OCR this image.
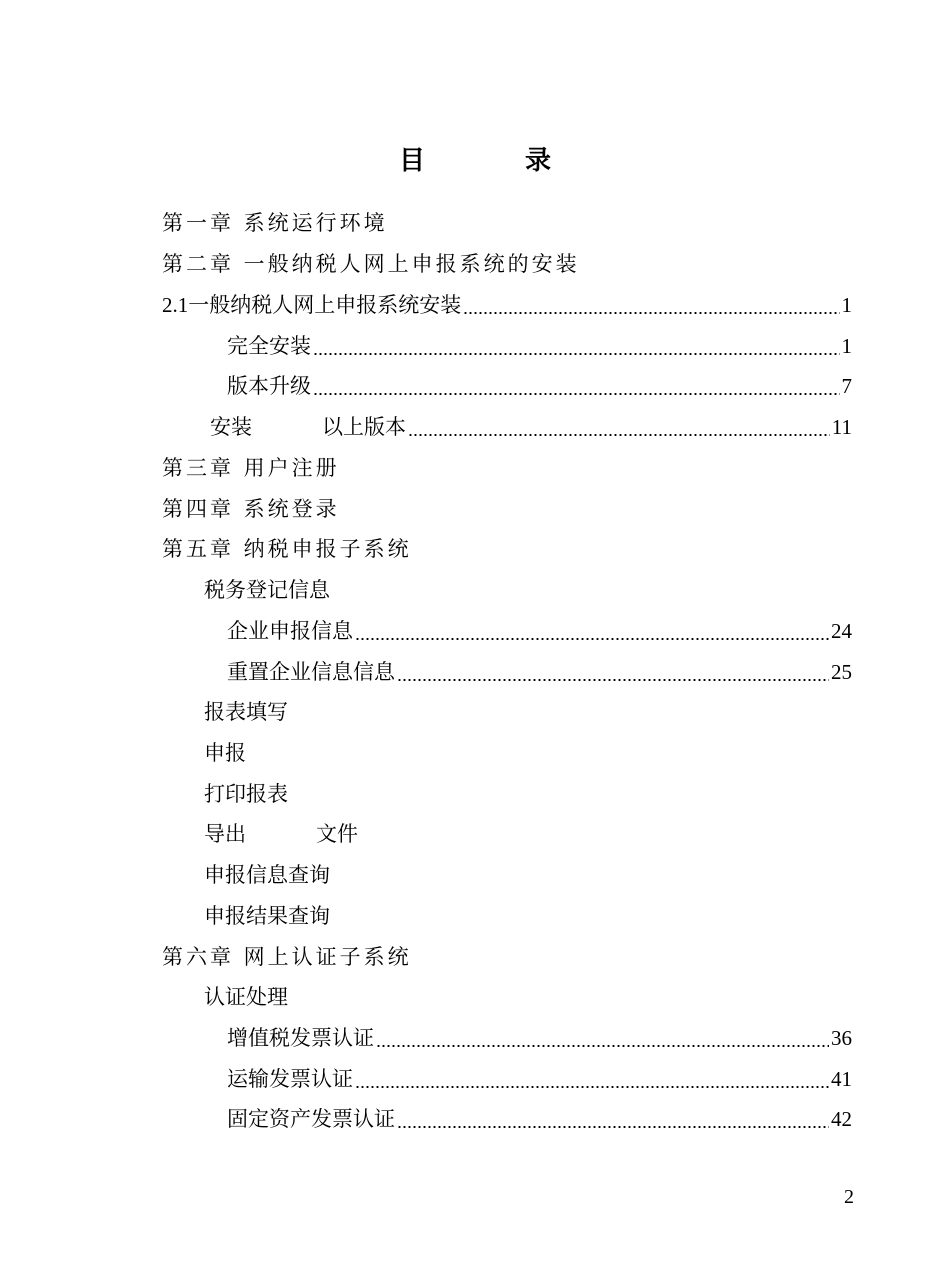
目	录
第一章 系统运行环境
第二章 一般纳税人网上申报系统的安装
2.1 一般纳税人网上申报系统 安装	1
完全安装	1
版本升级	7
安装	以上版本	11
第三章 用户注册
第四章 系统登录
第五章 纳税申报子系统
税务登记信息
企业申报信息	24
重置企业信息信息	25
报表填写
申报
打印报表
导出	文件
申报信息查询
申报结果查询
第六章 网上认证子系统
认证处理
增值税发票认证	36
运输发票认证	41
固定资产发票认证	42
2
